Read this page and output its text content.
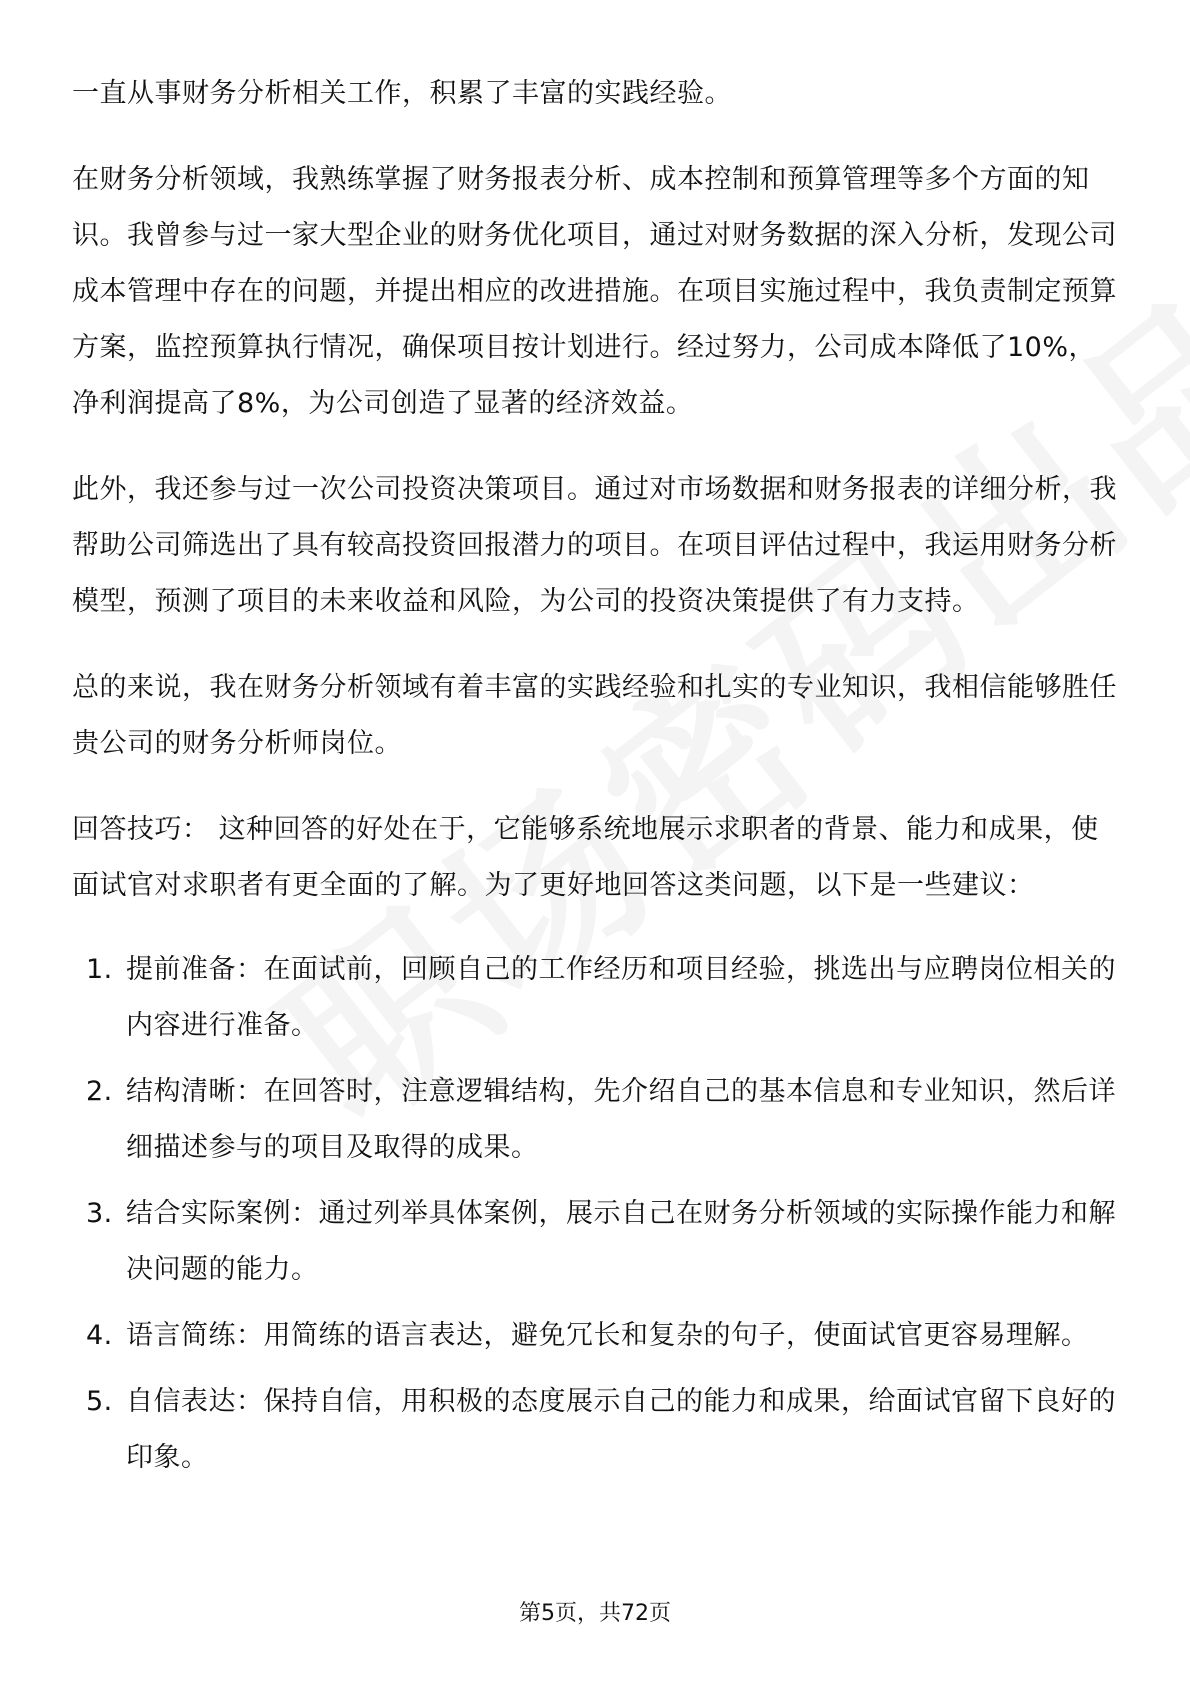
一直从事财务分析相关工作，积累了丰富的实践经验。

在财务分析领域，我熟练掌握了财务报表分析、成本控制和预算管理等多个方面的知识。我曾参与过一家大型企业的财务优化项目，通过对财务数据的深入分析，发现公司成本管理中存在的问题，并提出相应的改进措施。在项目实施过程中，我负责制定预算方案，监控预算执行情况，确保项目按计划进行。经过努力，公司成本降低了10%，净利润提高了8%，为公司创造了显著的经济效益。

此外，我还参与过一次公司投资决策项目。通过对市场数据和财务报表的详细分析，我帮助公司筛选出了具有较高投资回报潜力的项目。在项目评估过程中，我运用财务分析模型，预测了项目的未来收益和风险，为公司的投资决策提供了有力支持。

总的来说，我在财务分析领域有着丰富的实践经验和扎实的专业知识，我相信能够胜任贵公司的财务分析师岗位。

回答技巧： 这种回答的好处在于，它能够系统地展示求职者的背景、能力和成果，使面试官对求职者有更全面的了解。为了更好地回答这类问题，以下是一些建议：

1. 提前准备：在面试前，回顾自己的工作经历和项目经验，挑选出与应聘岗位相关的内容进行准备。
2. 结构清晰：在回答时，注意逻辑结构，先介绍自己的基本信息和专业知识，然后详细描述参与的项目及取得的成果。
3. 结合实际案例：通过列举具体案例，展示自己在财务分析领域的实际操作能力和解决问题的能力。
4. 语言简练：用简练的语言表达，避免冗长和复杂的句子，使面试官更容易理解。
5. 自信表达：保持自信，用积极的态度展示自己的能力和成果，给面试官留下良好的印象。
第5页，共72页
